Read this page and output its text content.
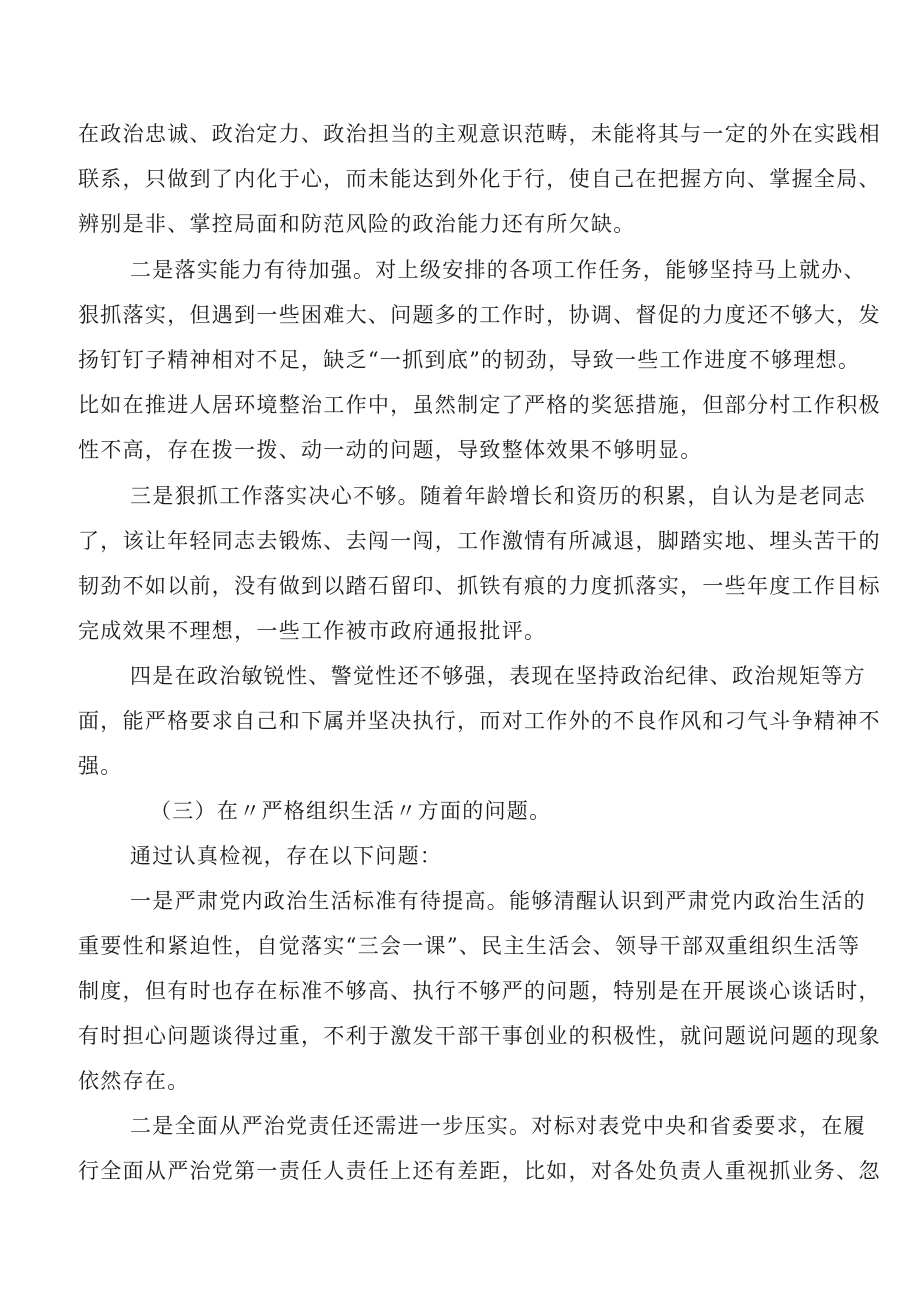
在政治忠诚、政治定力、政治担当的主观意识范畴，未能将其与一定的外在实践相
联系，只做到了内化于心，而未能达到外化于行，使自己在把握方向、掌握全局、
辨别是非、掌控局面和防范风险的政治能力还有所欠缺。
二是落实能力有待加强。对上级安排的各项工作任务，能够坚持马上就办、
狠抓落实，但遇到一些困难大、问题多的工作时，协调、督促的力度还不够大，发
扬钉钉子精神相对不足，缺乏“一抓到底”的韧劲，导致一些工作进度不够理想。
比如在推进人居环境整治工作中，虽然制定了严格的奖惩措施，但部分村工作积极
性不高，存在拨一拨、动一动的问题，导致整体效果不够明显。
三是狠抓工作落实决心不够。随着年龄增长和资历的积累，自认为是老同志
了，该让年轻同志去锻炼、去闯一闯，工作激情有所减退，脚踏实地、埋头苦干的
韧劲不如以前，没有做到以踏石留印、抓铁有痕的力度抓落实，一些年度工作目标
完成效果不理想，一些工作被市政府通报批评。
四是在政治敏锐性、警觉性还不够强，表现在坚持政治纪律、政治规矩等方
面，能严格要求自己和下属并坚决执行，而对工作外的不良作风和刁气斗争精神不
强。
（三）在〃严格组织生活〃方面的问题。
通过认真检视，存在以下问题：
一是严肃党内政治生活标准有待提高。能够清醒认识到严肃党内政治生活的
重要性和紧迫性，自觉落实“三会一课”、民主生活会、领导干部双重组织生活等
制度，但有时也存在标准不够高、执行不够严的问题，特别是在开展谈心谈话时，
有时担心问题谈得过重，不利于激发干部干事创业的积极性，就问题说问题的现象
依然存在。
二是全面从严治党责任还需进一步压实。对标对表党中央和省委要求，在履
行全面从严治党第一责任人责任上还有差距，比如，对各处负责人重视抓业务、忽
